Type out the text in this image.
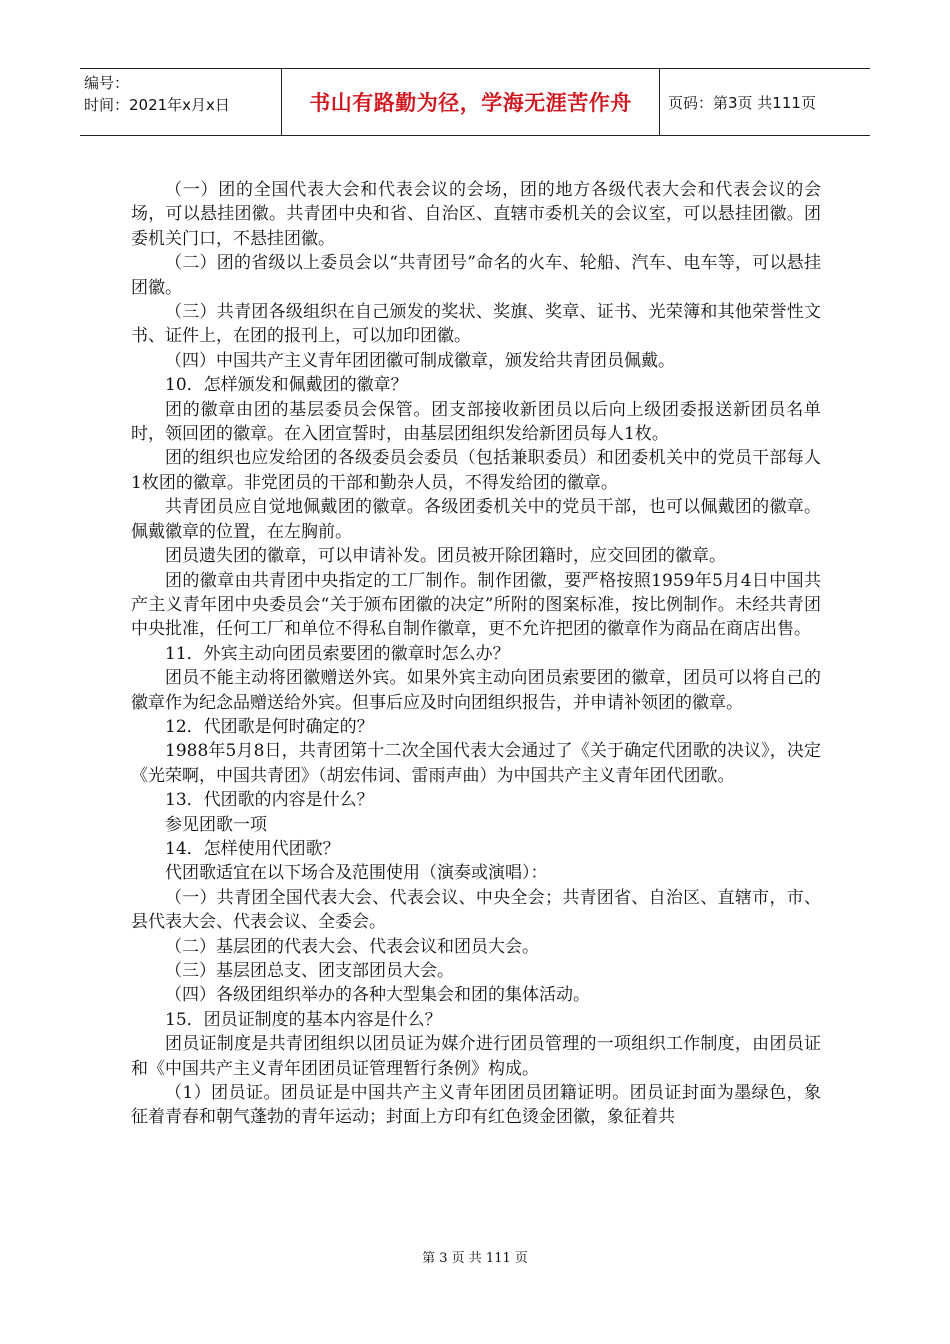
编号：
时间：2021年x月x日	书山有路勤为径，学海无涯苦作舟	页码：第3页 共111页

（一）团的全国代表大会和代表会议的会场，团的地方各级代表大会和代表会议的会场，可以悬挂团徽。共青团中央和省、自治区、直辖市委机关的会议室，可以悬挂团徽。团委机关门口，不悬挂团徽。

（二）团的省级以上委员会以“共青团号”命名的火车、轮船、汽车、电车等，可以悬挂团徽。

（三）共青团各级组织在自己颁发的奖状、奖旗、奖章、证书、光荣簿和其他荣誉性文书、证件上，在团的报刊上，可以加印团徽。

（四）中国共产主义青年团团徽可制成徽章，颁发给共青团员佩戴。

10．怎样颁发和佩戴团的徽章？

团的徽章由团的基层委员会保管。团支部接收新团员以后向上级团委报送新团员名单时，领回团的徽章。在入团宣誓时，由基层团组织发给新团员每人1枚。

团的组织也应发给团的各级委员会委员（包括兼职委员）和团委机关中的党员干部每人1枚团的徽章。非党团员的干部和勤杂人员，不得发给团的徽章。

共青团员应自觉地佩戴团的徽章。各级团委机关中的党员干部，也可以佩戴团的徽章。佩戴徽章的位置，在左胸前。

团员遗失团的徽章，可以申请补发。团员被开除团籍时，应交回团的徽章。

团的徽章由共青团中央指定的工厂制作。制作团徽，要严格按照1959年5月4日中国共产主义青年团中央委员会“关于颁布团徽的决定”所附的图案标准，按比例制作。未经共青团中央批准，任何工厂和单位不得私自制作徽章，更不允许把团的徽章作为商品在商店出售。

11．外宾主动向团员索要团的徽章时怎么办？

团员不能主动将团徽赠送外宾。如果外宾主动向团员索要团的徽章，团员可以将自己的徽章作为纪念品赠送给外宾。但事后应及时向团组织报告，并申请补领团的徽章。

12．代团歌是何时确定的？

1988年5月8日，共青团第十二次全国代表大会通过了《关于确定代团歌的决议》，决定《光荣啊，中国共青团》（胡宏伟词、雷雨声曲）为中国共产主义青年团代团歌。

13．代团歌的内容是什么？

参见团歌一项

14．怎样使用代团歌？

代团歌适宜在以下场合及范围使用（演奏或演唱）：

（一）共青团全国代表大会、代表会议、中央全会；共青团省、自治区、直辖市，市、县代表大会、代表会议、全委会。

（二）基层团的代表大会、代表会议和团员大会。

（三）基层团总支、团支部团员大会。

（四）各级团组织举办的各种大型集会和团的集体活动。

15．团员证制度的基本内容是什么？

团员证制度是共青团组织以团员证为媒介进行团员管理的一项组织工作制度，由团员证和《中国共产主义青年团团员证管理暂行条例》构成。

（1）团员证。团员证是中国共产主义青年团团员团籍证明。团员证封面为墨绿色，象征着青春和朝气蓬勃的青年运动；封面上方印有红色烫金团徽，象征着共

第 3 页 共 111 页
